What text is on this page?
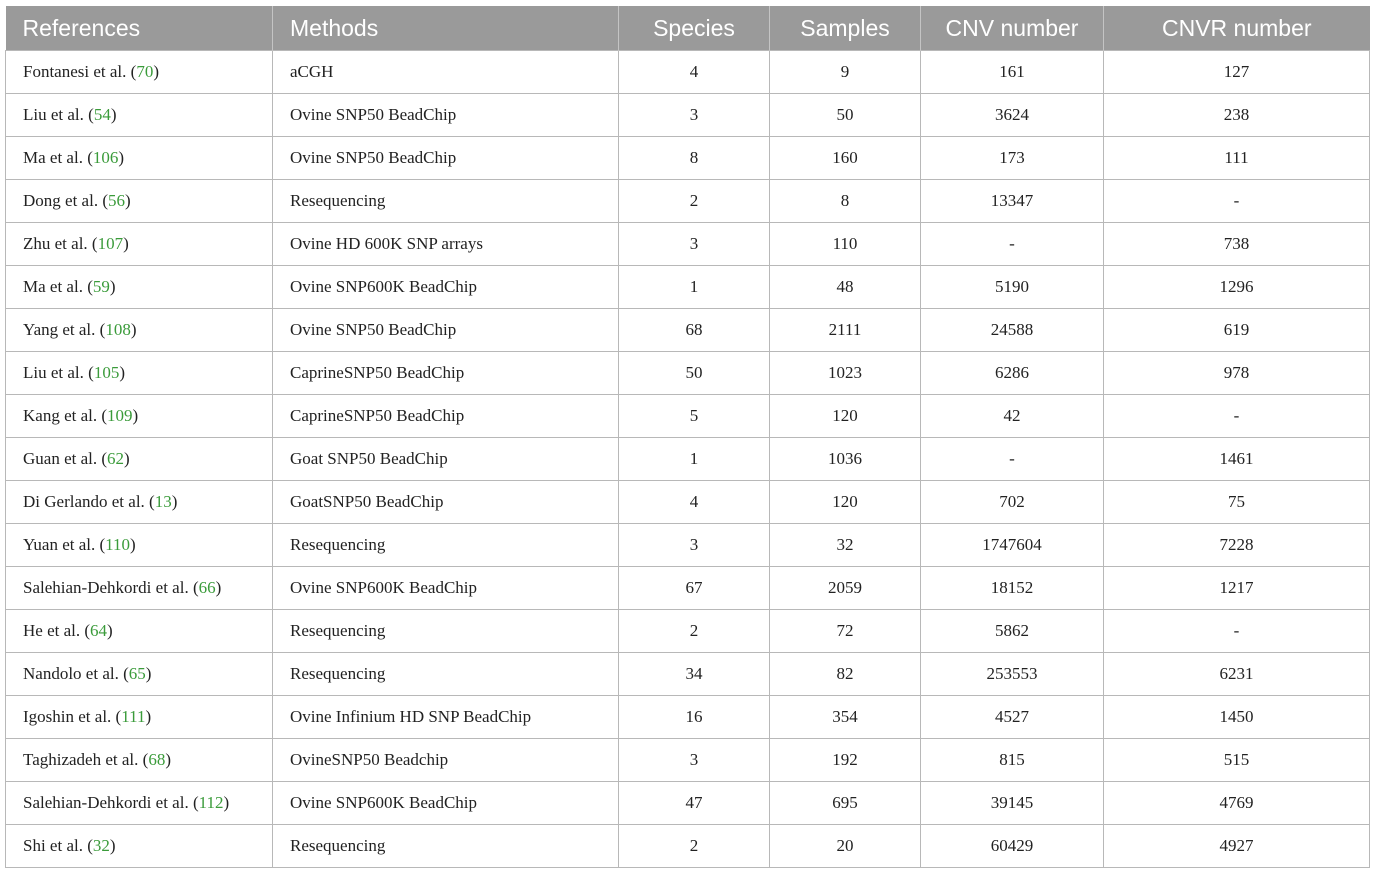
References	Methods	Species	Samples	CNV number	CNVR number
Fontanesi et al. (70)	aCGH	4	9	161	127
Liu et al. (54)	Ovine SNP50 BeadChip	3	50	3624	238
Ma et al. (106)	Ovine SNP50 BeadChip	8	160	173	111
Dong et al. (56)	Resequencing	2	8	13347	-
Zhu et al. (107)	Ovine HD 600K SNP arrays	3	110	-	738
Ma et al. (59)	Ovine SNP600K BeadChip	1	48	5190	1296
Yang et al. (108)	Ovine SNP50 BeadChip	68	2111	24588	619
Liu et al. (105)	CaprineSNP50 BeadChip	50	1023	6286	978
Kang et al. (109)	CaprineSNP50 BeadChip	5	120	42	-
Guan et al. (62)	Goat SNP50 BeadChip	1	1036	-	1461
Di Gerlando et al. (13)	GoatSNP50 BeadChip	4	120	702	75
Yuan et al. (110)	Resequencing	3	32	1747604	7228
Salehian-Dehkordi et al. (66)	Ovine SNP600K BeadChip	67	2059	18152	1217
He et al. (64)	Resequencing	2	72	5862	-
Nandolo et al. (65)	Resequencing	34	82	253553	6231
Igoshin et al. (111)	Ovine Infinium HD SNP BeadChip	16	354	4527	1450
Taghizadeh et al. (68)	OvineSNP50 Beadchip	3	192	815	515
Salehian-Dehkordi et al. (112)	Ovine SNP600K BeadChip	47	695	39145	4769
Shi et al. (32)	Resequencing	2	20	60429	4927
